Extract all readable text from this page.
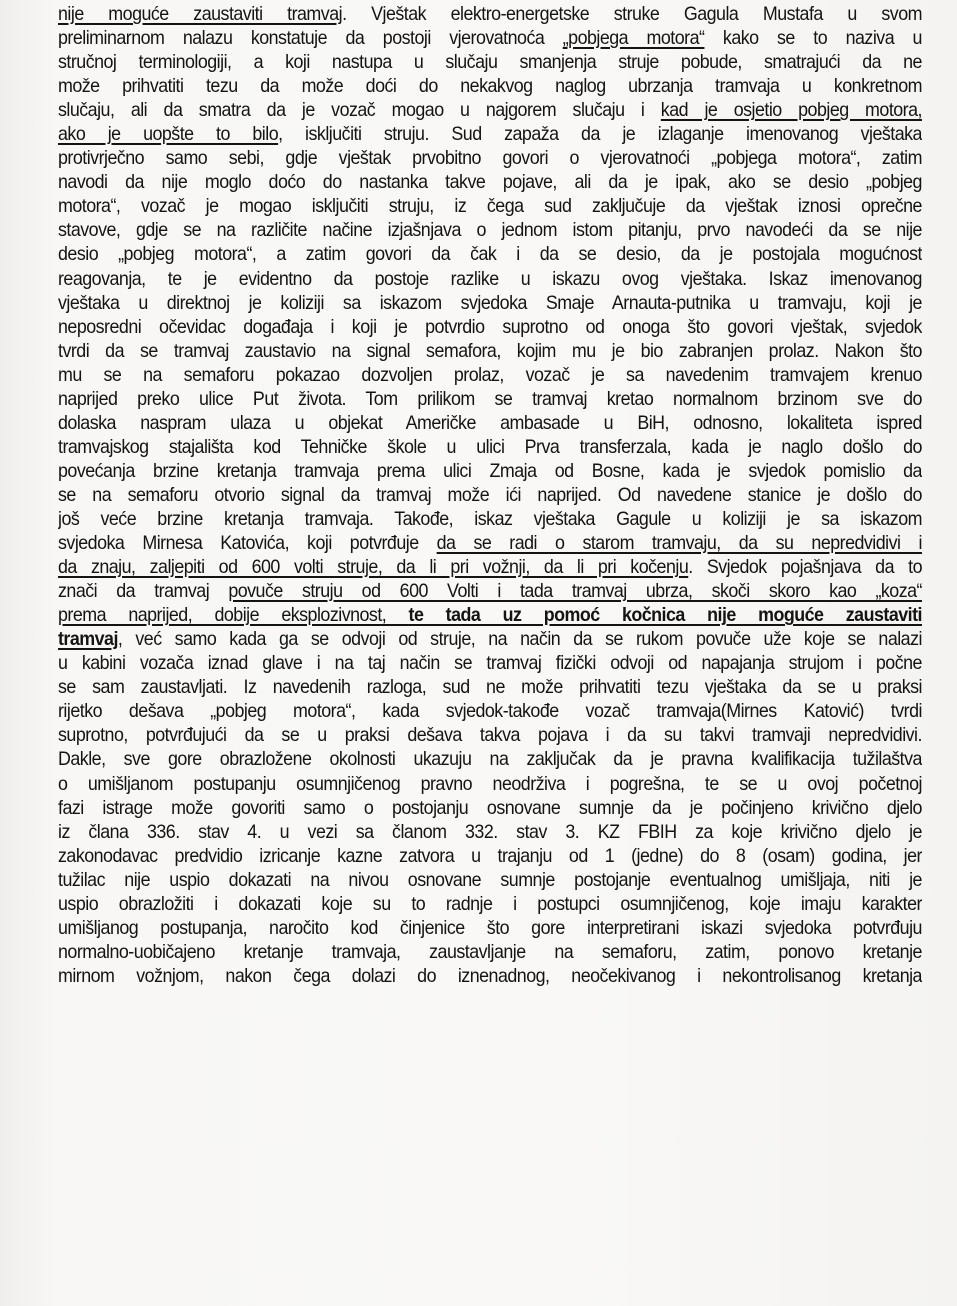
nije moguće zaustaviti tramvaj. Vještak elektro-energetske struke Gagula Mustafa u svom
preliminarnom nalazu konstatuje da postoji vjerovatnoća „pobjega motora“ kako se to naziva u
stručnoj terminologiji, a koji nastupa u slučaju smanjenja struje pobude, smatrajući da ne
može prihvatiti tezu da može doći do nekakvog naglog ubrzanja tramvaja u konkretnom
slučaju, ali da smatra da je vozač mogao u najgorem slučaju i kad je osjetio pobjeg motora,
ako je uopšte to bilo, isključiti struju. Sud zapaža da je izlaganje imenovanog vještaka
protivrječno samo sebi, gdje vještak prvobitno govori o vjerovatnoći „pobjega motora“, zatim
navodi da nije moglo doćo do nastanka takve pojave, ali da je ipak, ako se desio „pobjeg
motora“, vozač je mogao isključiti struju, iz čega sud zaključuje da vještak iznosi oprečne
stavove, gdje se na različite načine izjašnjava o jednom istom pitanju, prvo navodeći da se nije
desio „pobjeg motora“, a zatim govori da čak i da se desio, da je postojala mogućnost
reagovanja, te je evidentno da postoje razlike u iskazu ovog vještaka. Iskaz imenovanog
vještaka u direktnoj je koliziji sa iskazom svjedoka Smaje Arnauta-putnika u tramvaju, koji je
neposredni očevidac događaja i koji je potvrdio suprotno od onoga što govori vještak, svjedok
tvrdi da se tramvaj zaustavio na signal semafora, kojim mu je bio zabranjen prolaz. Nakon što
mu se na semaforu pokazao dozvoljen prolaz, vozač je sa navedenim tramvajem krenuo
naprijed preko ulice Put života. Tom prilikom se tramvaj kretao normalnom brzinom sve do
dolaska naspram ulaza u objekat Američke ambasade u BiH, odnosno, lokaliteta ispred
tramvajskog stajališta kod Tehničke škole u ulici Prva transferzala, kada je naglo došlo do
povećanja brzine kretanja tramvaja prema ulici Zmaja od Bosne, kada je svjedok pomislio da
se na semaforu otvorio signal da tramvaj može ići naprijed. Od navedene stanice je došlo do
još veće brzine kretanja tramvaja. Takođe, iskaz vještaka Gagule u koliziji je sa iskazom
svjedoka Mirnesa Katovića, koji potvrđuje da se radi o starom tramvaju, da su nepredvidivi i
da znaju, zaljepiti od 600 volti struje, da li pri vožnji, da li pri kočenju. Svjedok pojašnjava da to
znači da tramvaj povuče struju od 600 Volti i tada tramvaj ubrza, skoči skoro kao „koza“
prema naprijed, dobije eksplozivnost, te tada uz pomoć kočnica nije moguće zaustaviti
tramvaj, već samo kada ga se odvoji od struje, na način da se rukom povuče uže koje se nalazi
u kabini vozača iznad glave i na taj način se tramvaj fizički odvoji od napajanja strujom i počne
se sam zaustavljati. Iz navedenih razloga, sud ne može prihvatiti tezu vještaka da se u praksi
rijetko dešava „pobjeg motora“, kada svjedok-takođe vozač tramvaja(Mirnes Katović) tvrdi
suprotno, potvrđujući da se u praksi dešava takva pojava i da su takvi tramvaji nepredvidivi.
Dakle, sve gore obrazložene okolnosti ukazuju na zaključak da je pravna kvalifikacija tužilaštva
o umišljanom postupanju osumnjičenog pravno neodrživa i pogrešna, te se u ovoj početnoj
fazi istrage može govoriti samo o postojanju osnovane sumnje da je počinjeno krivično djelo
iz člana 336. stav 4. u vezi sa članom 332. stav 3. KZ FBIH za koje krivično djelo je
zakonodavac predvidio izricanje kazne zatvora u trajanju od 1 (jedne) do 8 (osam) godina, jer
tužilac nije uspio dokazati na nivou osnovane sumnje postojanje eventualnog umišljaja, niti je
uspio obrazložiti i dokazati koje su to radnje i postupci osumnjičenog, koje imaju karakter
umišljanog postupanja, naročito kod činjenice što gore interpretirani iskazi svjedoka potvrđuju
normalno-uobičajeno kretanje tramvaja, zaustavljanje na semaforu, zatim, ponovo kretanje
mirnom vožnjom, nakon čega dolazi do iznenadnog, neočekivanog i nekontrolisanog kretanja
